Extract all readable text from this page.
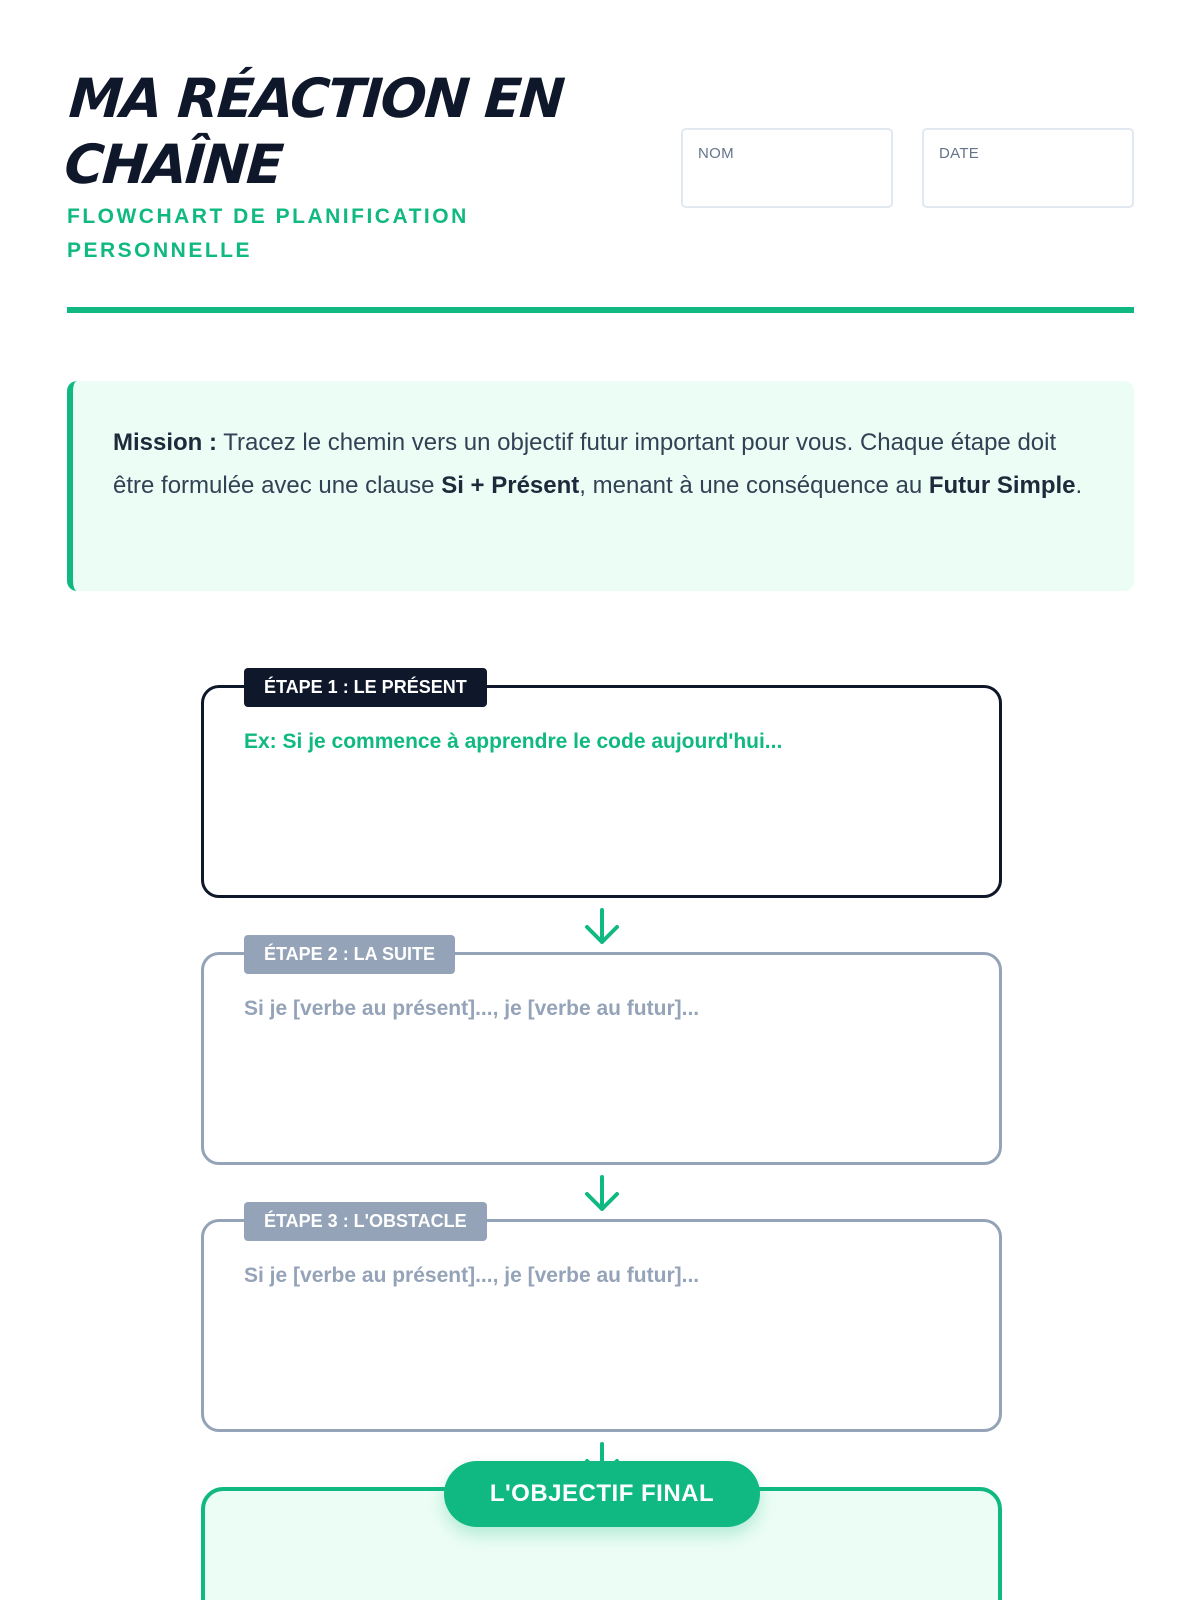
MA RÉACTION EN
CHAÎNE
FLOWCHART DE PLANIFICATION
PERSONNELLE
NOM	DATE

Mission : Tracez le chemin vers un objectif futur important pour vous. Chaque étape doit être formulée avec une clause Si + Présent, menant à une conséquence au Futur Simple.

ÉTAPE 1 : LE PRÉSENT
Ex: Si je commence à apprendre le code aujourd'hui...
ÉTAPE 2 : LA SUITE
Si je [verbe au présent]..., je [verbe au futur]...
ÉTAPE 3 : L'OBSTACLE
Si je [verbe au présent]..., je [verbe au futur]...
L'OBJECTIF FINAL
